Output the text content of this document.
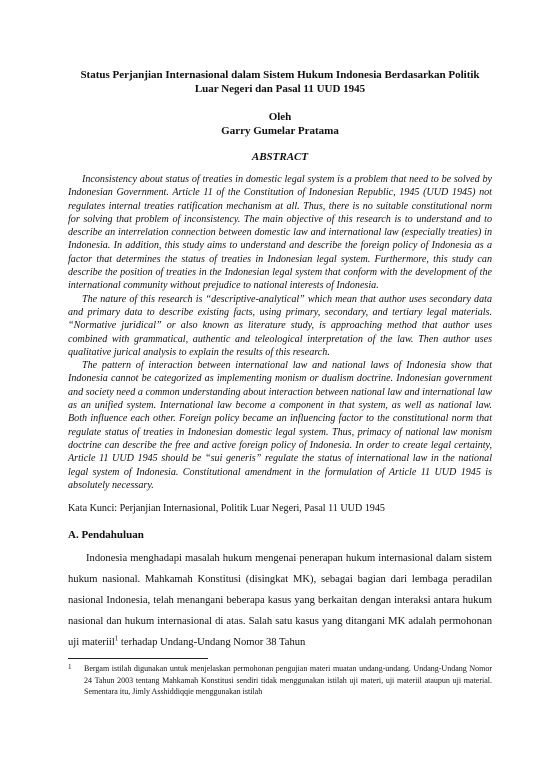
Status Perjanjian Internasional dalam Sistem Hukum Indonesia Berdasarkan Politik Luar Negeri dan Pasal 11 UUD 1945

Oleh
Garry Gumelar Pratama
ABSTRACT

Inconsistency about status of treaties in domestic legal system is a problem that need to be solved by Indonesian Government. Article 11 of the Constitution of Indonesian Republic, 1945 (UUD 1945) not regulates internal treaties ratification mechanism at all. Thus, there is no suitable constitutional norm for solving that problem of inconsistency. The main objective of this research is to understand and to describe an interrelation connection between domestic law and international law (especially treaties) in Indonesia. In addition, this study aims to understand and describe the foreign policy of Indonesia as a factor that determines the status of treaties in Indonesian legal system. Furthermore, this study can describe the position of treaties in the Indonesian legal system that conform with the development of the international community without prejudice to national interests of Indonesia.

The nature of this research is “descriptive-analytical” which mean that author uses secondary data and primary data to describe existing facts, using primary, secondary, and tertiary legal materials. “Normative juridical” or also known as literature study, is approaching method that author uses combined with grammatical, authentic and teleological interpretation of the law. Then author uses qualitative jurical analysis to explain the results of this research.

The pattern of interaction between international law and national laws of Indonesia show that Indonesia cannot be categorized as implementing monism or dualism doctrine. Indonesian government and society need a common understanding about interaction between national law and international law as an unified system. International law become a component in that system, as well as national law. Both influence each other. Foreign policy became an influencing factor to the constitutional norm that regulate status of treaties in Indonesian domestic legal system. Thus, primacy of national law monism doctrine can describe the free and active foreign policy of Indonesia. In order to create legal certainty, Article 11 UUD 1945 should be “sui generis” regulate the status of international law in the national legal system of Indonesia. Constitutional amendment in the formulation of Article 11 UUD 1945 is absolutely necessary.

Kata Kunci: Perjanjian Internasional, Politik Luar Negeri, Pasal 11 UUD 1945
A. Pendahuluan

Indonesia menghadapi masalah hukum mengenai penerapan hukum internasional dalam sistem hukum nasional. Mahkamah Konstitusi (disingkat MK), sebagai bagian dari lembaga peradilan nasional Indonesia, telah menangani beberapa kasus yang berkaitan dengan interaksi antara hukum nasional dan hukum internasional di atas. Salah satu kasus yang ditangani MK adalah permohonan uji materiil$^1$ terhadap Undang-Undang Nomor 38 Tahun

1 Bergam istilah digunakan untuk menjelaskan permohonan pengujian materi muatan undang-undang. Undang-Undang Nomor 24 Tahun 2003 tentang Mahkamah Konstitusi sendiri tidak menggunakan istilah uji materi, uji materiil ataupun uji material. Sementara itu, Jimly Asshiddiqqie menggunakan istilah
